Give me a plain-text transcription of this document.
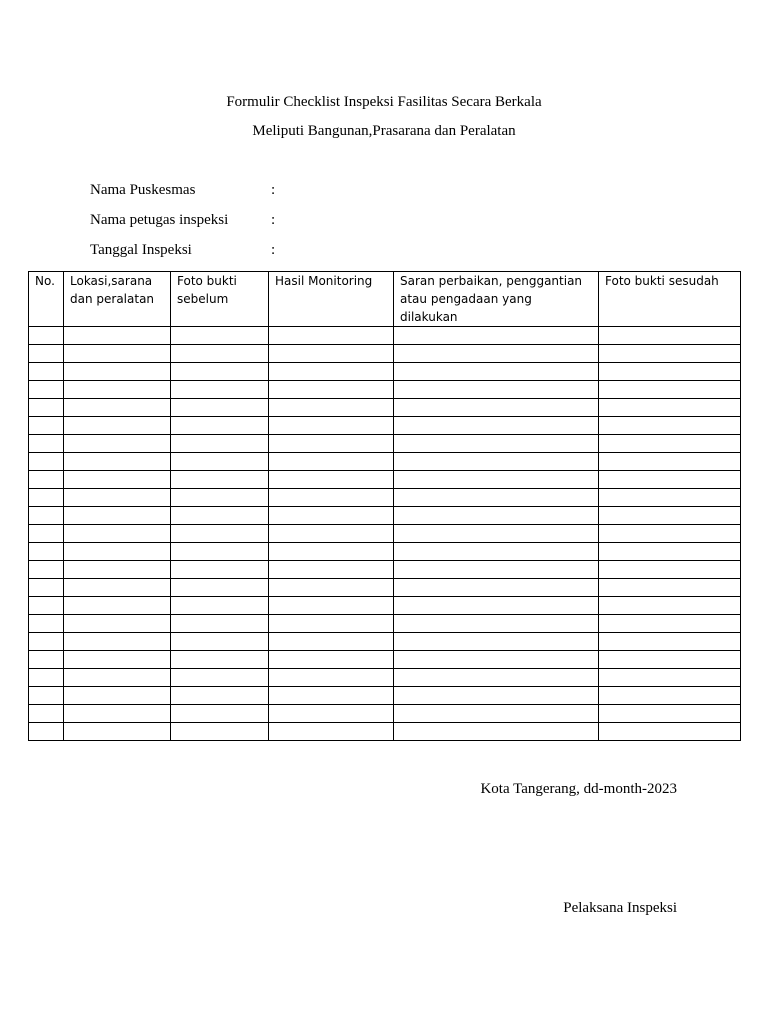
Formulir Checklist Inspeksi Fasilitas Secara Berkala
Meliputi Bangunan,Prasarana dan Peralatan
Nama Puskesmas	:
Nama petugas inspeksi	:
Tanggal Inspeksi	:
No.	Lokasi,sarana dan peralatan	Foto bukti sebelum	Hasil Monitoring	Saran perbaikan, penggantian atau pengadaan yang dilakukan	Foto bukti sesudah

Kota Tangerang, dd-month-2023
Pelaksana Inspeksi
